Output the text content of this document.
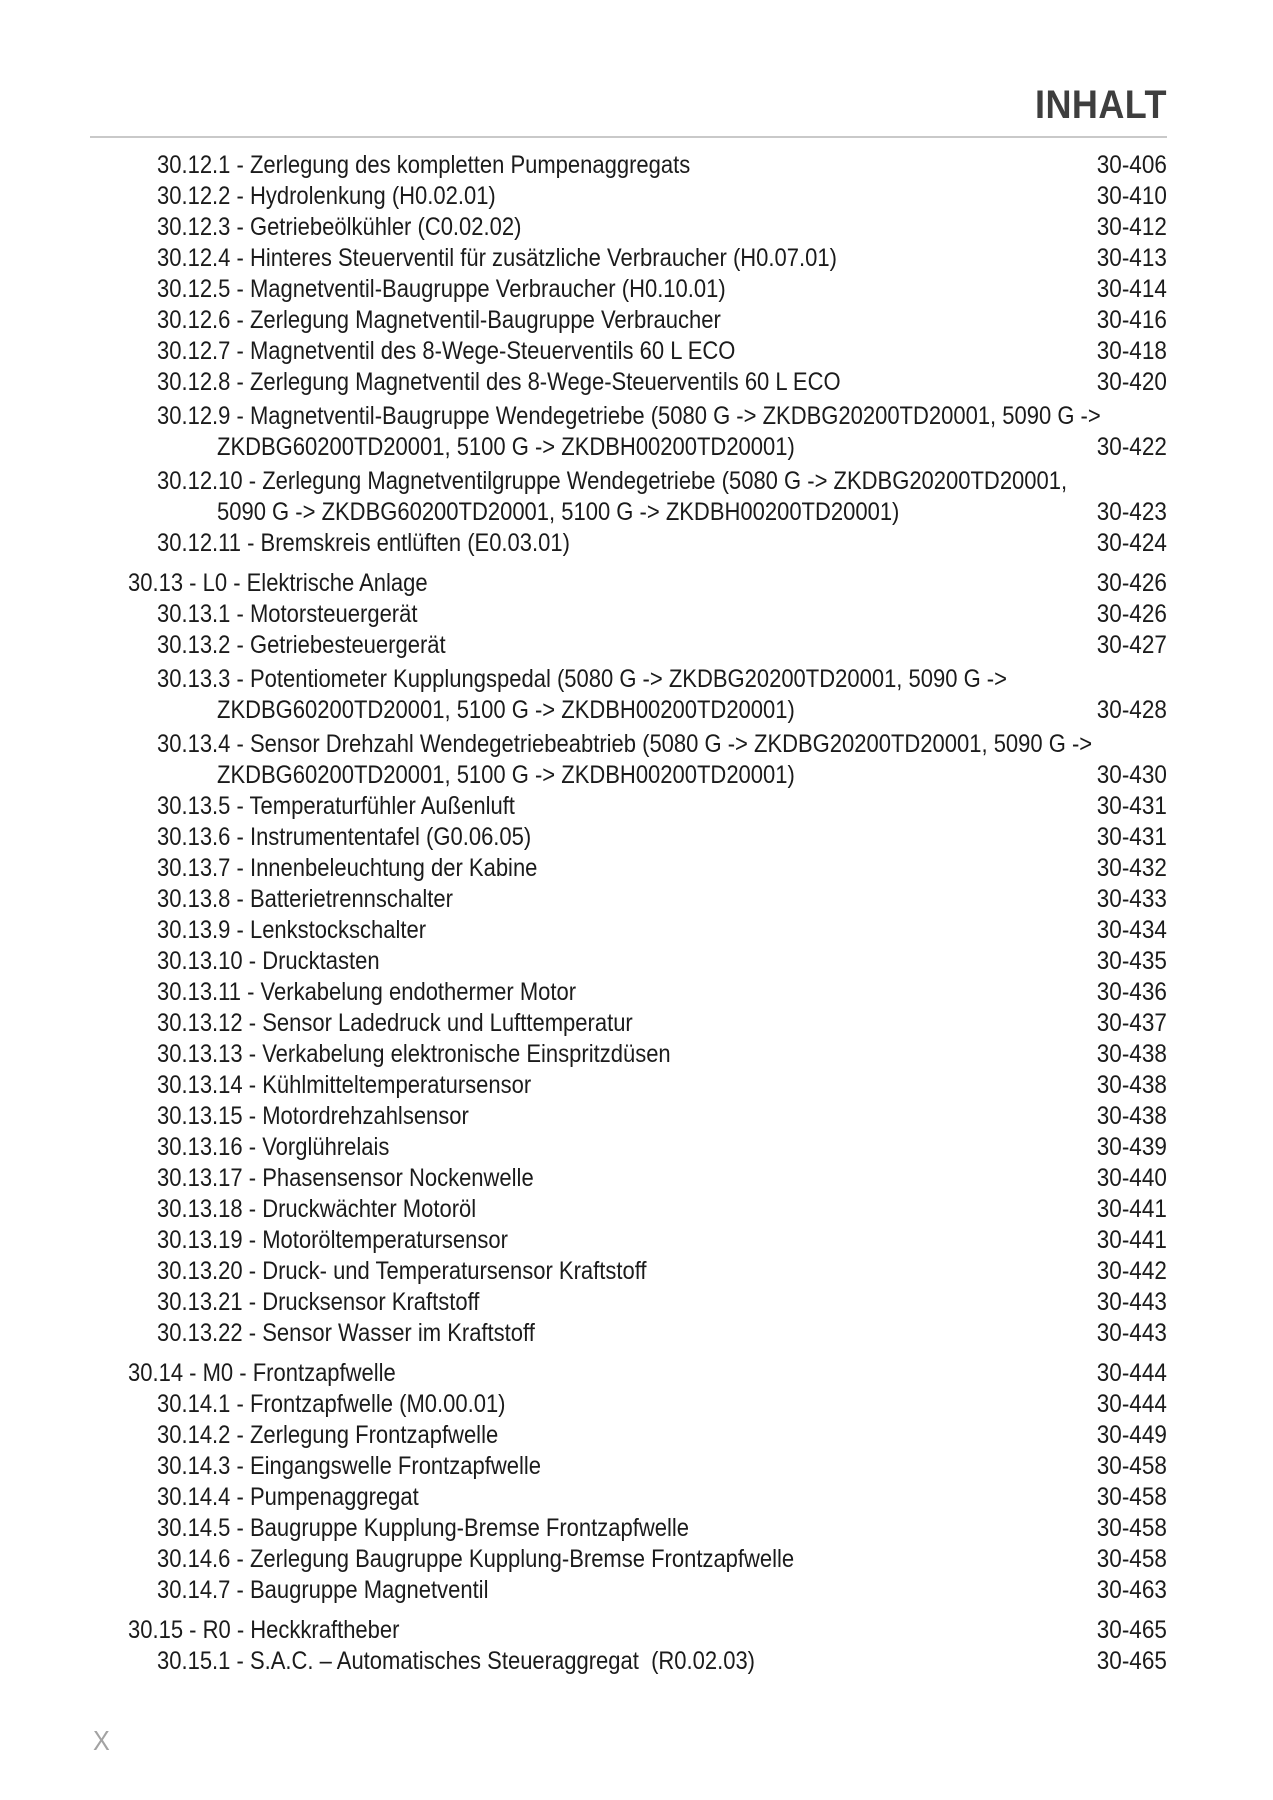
INHALT
30.12.1 - Zerlegung des kompletten Pumpenaggregats	30-406
30.12.2 - Hydrolenkung (H0.02.01)	30-410
30.12.3 - Getriebeölkühler (C0.02.02)	30-412
30.12.4 - Hinteres Steuerventil für zusätzliche Verbraucher (H0.07.01)	30-413
30.12.5 - Magnetventil-Baugruppe Verbraucher (H0.10.01)	30-414
30.12.6 - Zerlegung Magnetventil-Baugruppe Verbraucher	30-416
30.12.7 - Magnetventil des 8-Wege-Steuerventils 60 L ECO	30-418
30.12.8 - Zerlegung Magnetventil des 8-Wege-Steuerventils 60 L ECO	30-420
30.12.9 - Magnetventil-Baugruppe Wendegetriebe (5080 G -> ZKDBG20200TD20001, 5090 G ->
ZKDBG60200TD20001, 5100 G -> ZKDBH00200TD20001)	30-422
30.12.10 - Zerlegung Magnetventilgruppe Wendegetriebe (5080 G -> ZKDBG20200TD20001,
5090 G -> ZKDBG60200TD20001, 5100 G -> ZKDBH00200TD20001)	30-423
30.12.11 - Bremskreis entlüften (E0.03.01)	30-424
30.13 - L0 - Elektrische Anlage	30-426
30.13.1 - Motorsteuergerät	30-426
30.13.2 - Getriebesteuergerät	30-427
30.13.3 - Potentiometer Kupplungspedal (5080 G -> ZKDBG20200TD20001, 5090 G ->
ZKDBG60200TD20001, 5100 G -> ZKDBH00200TD20001)	30-428
30.13.4 - Sensor Drehzahl Wendegetriebeabtrieb (5080 G -> ZKDBG20200TD20001, 5090 G ->
ZKDBG60200TD20001, 5100 G -> ZKDBH00200TD20001)	30-430
30.13.5 - Temperaturfühler Außenluft	30-431
30.13.6 - Instrumententafel (G0.06.05)	30-431
30.13.7 - Innenbeleuchtung der Kabine	30-432
30.13.8 - Batterietrennschalter	30-433
30.13.9 - Lenkstockschalter	30-434
30.13.10 - Drucktasten	30-435
30.13.11 - Verkabelung endothermer Motor	30-436
30.13.12 - Sensor Ladedruck und Lufttemperatur	30-437
30.13.13 - Verkabelung elektronische Einspritzdüsen	30-438
30.13.14 - Kühlmitteltemperatursensor	30-438
30.13.15 - Motordrehzahlsensor	30-438
30.13.16 - Vorglührelais	30-439
30.13.17 - Phasensensor Nockenwelle	30-440
30.13.18 - Druckwächter Motoröl	30-441
30.13.19 - Motoröltemperatursensor	30-441
30.13.20 - Druck- und Temperatursensor Kraftstoff	30-442
30.13.21 - Drucksensor Kraftstoff	30-443
30.13.22 - Sensor Wasser im Kraftstoff	30-443
30.14 - M0 - Frontzapfwelle	30-444
30.14.1 - Frontzapfwelle (M0.00.01)	30-444
30.14.2 - Zerlegung Frontzapfwelle	30-449
30.14.3 - Eingangswelle Frontzapfwelle	30-458
30.14.4 - Pumpenaggregat	30-458
30.14.5 - Baugruppe Kupplung-Bremse Frontzapfwelle	30-458
30.14.6 - Zerlegung Baugruppe Kupplung-Bremse Frontzapfwelle	30-458
30.14.7 - Baugruppe Magnetventil	30-463
30.15 - R0 - Heckkraftheber	30-465
30.15.1 - S.A.C. – Automatisches Steueraggregat  (R0.02.03)	30-465
X
